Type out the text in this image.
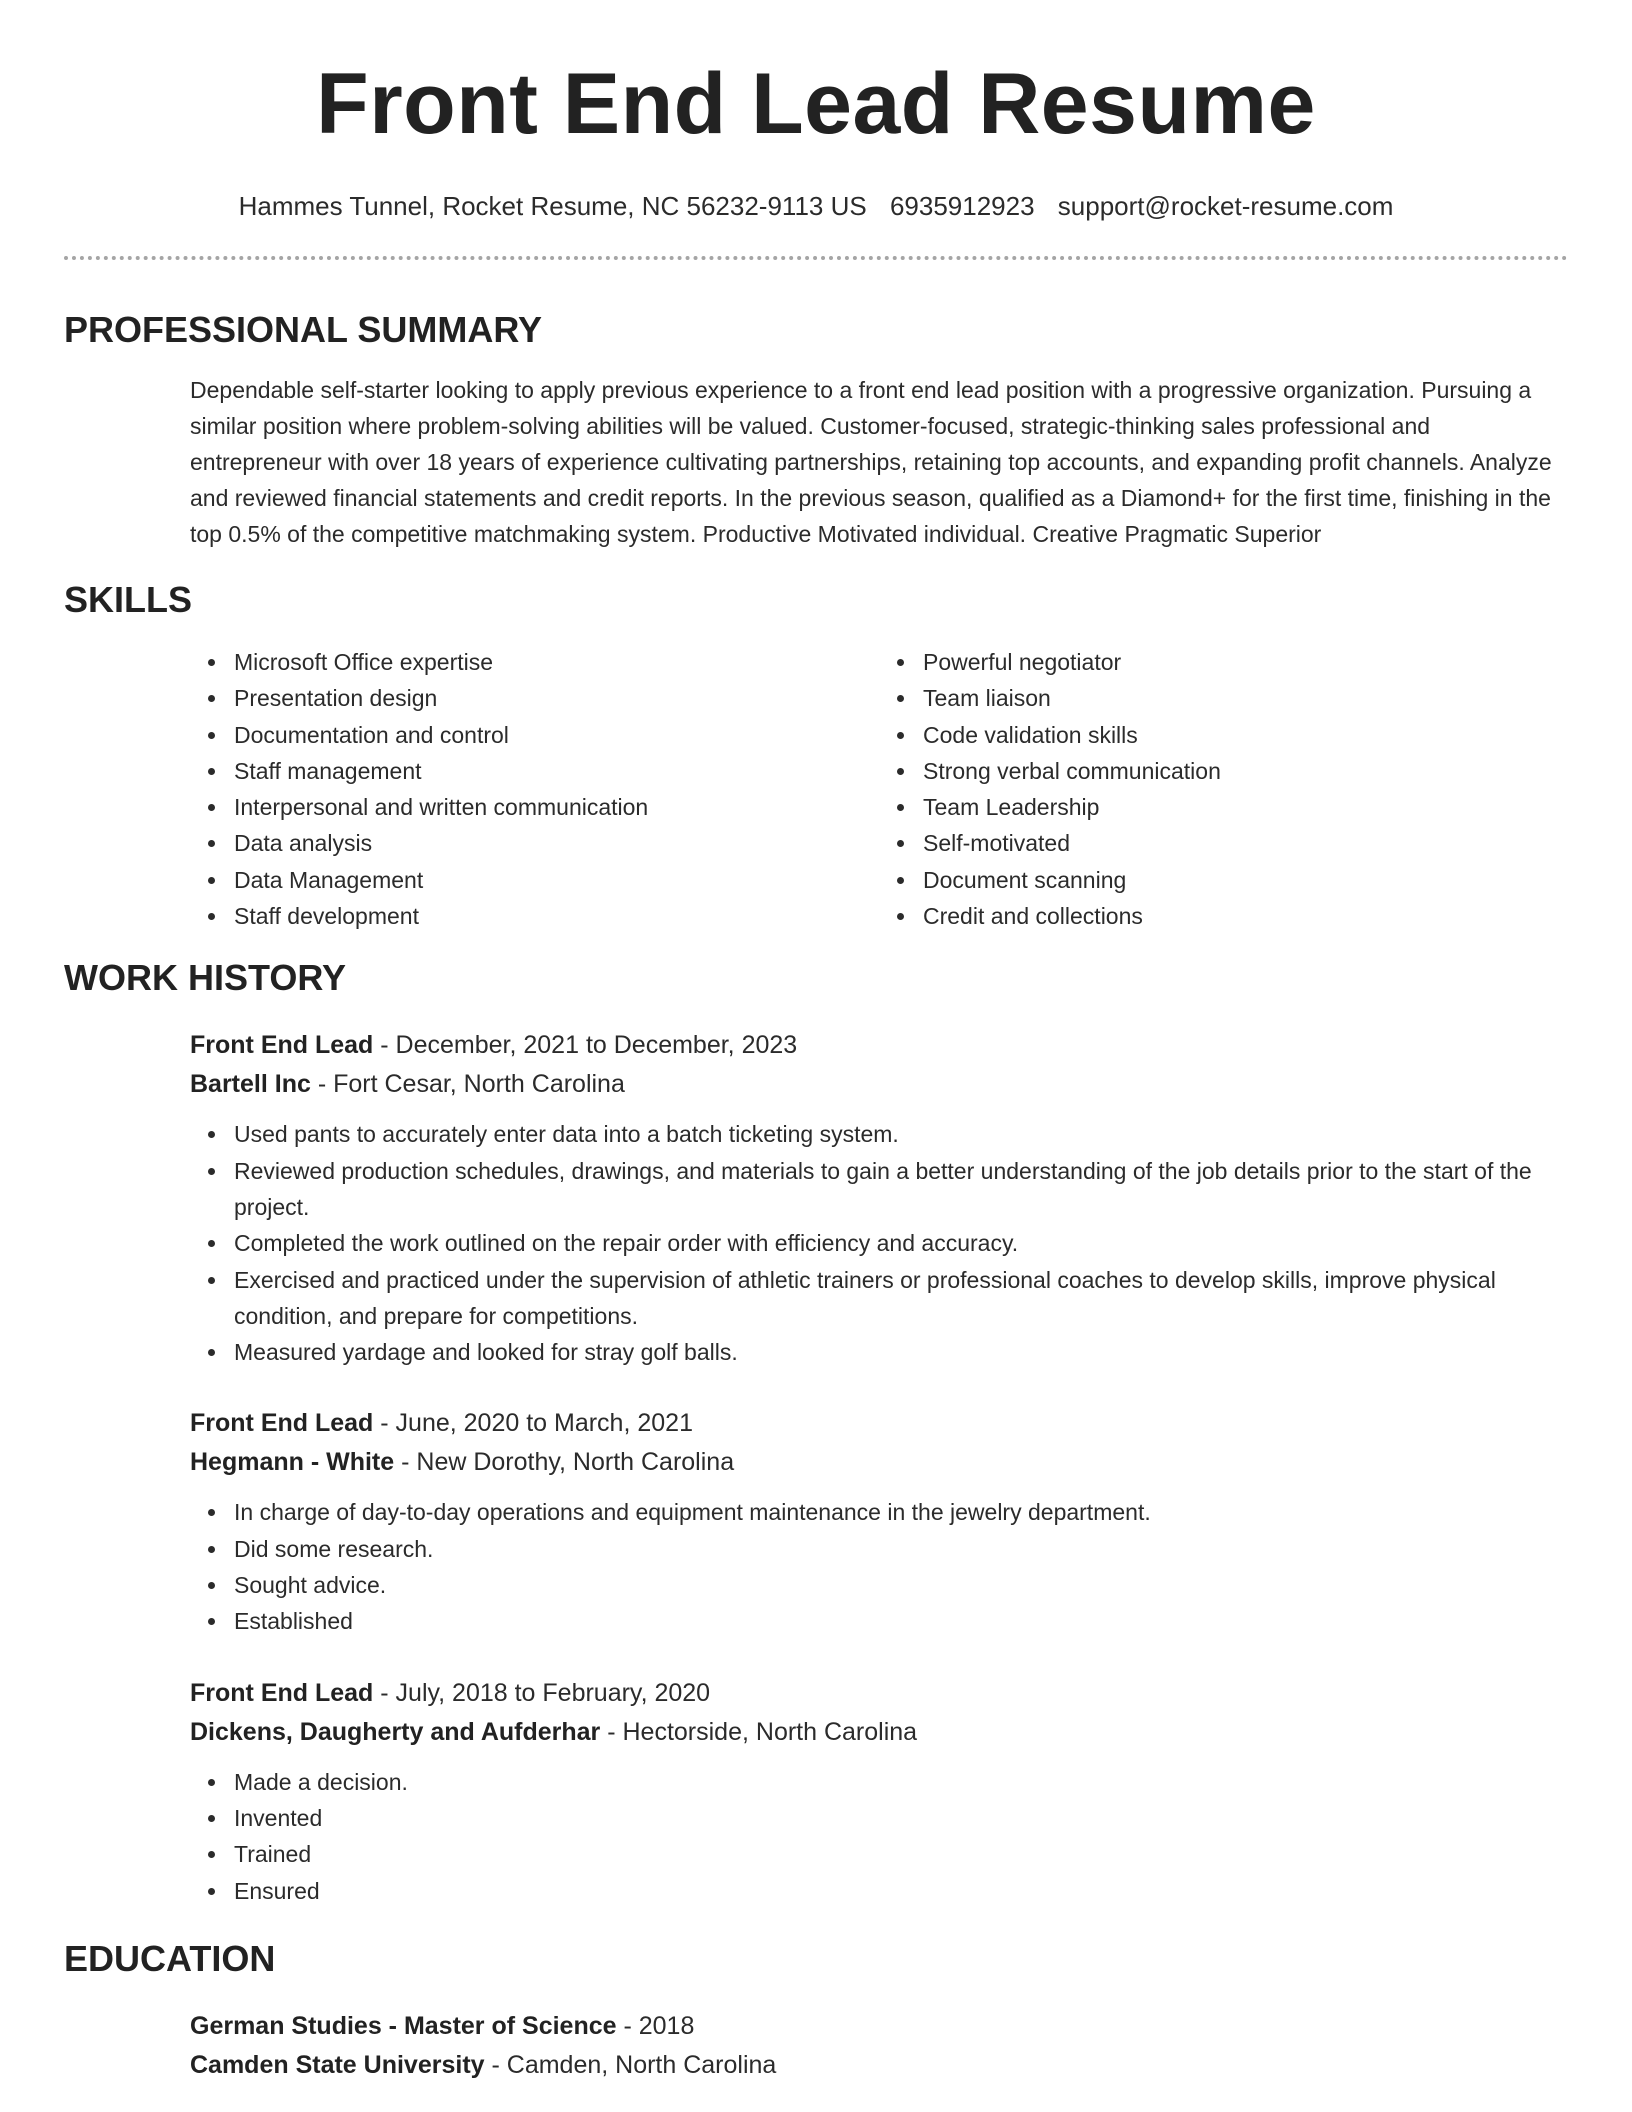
Front End Lead Resume
Hammes Tunnel, Rocket Resume, NC 56232-9113 US 6935912923 support@rocket-resume.com
PROFESSIONAL SUMMARY
Dependable self-starter looking to apply previous experience to a front end lead position with a progressive organization. Pursuing a similar position where problem-solving abilities will be valued. Customer-focused, strategic-thinking sales professional and entrepreneur with over 18 years of experience cultivating partnerships, retaining top accounts, and expanding profit channels. Analyze and reviewed financial statements and credit reports. In the previous season, qualified as a Diamond+ for the first time, finishing in the top 0.5% of the competitive matchmaking system. Productive Motivated individual. Creative Pragmatic Superior
SKILLS
Microsoft Office expertise
Presentation design
Documentation and control
Staff management
Interpersonal and written communication
Data analysis
Data Management
Staff development
Powerful negotiator
Team liaison
Code validation skills
Strong verbal communication
Team Leadership
Self-motivated
Document scanning
Credit and collections
WORK HISTORY
Front End Lead - December, 2021 to December, 2023
Bartell Inc - Fort Cesar, North Carolina
Used pants to accurately enter data into a batch ticketing system.
Reviewed production schedules, drawings, and materials to gain a better understanding of the job details prior to the start of the project.
Completed the work outlined on the repair order with efficiency and accuracy.
Exercised and practiced under the supervision of athletic trainers or professional coaches to develop skills, improve physical condition, and prepare for competitions.
Measured yardage and looked for stray golf balls.
Front End Lead - June, 2020 to March, 2021
Hegmann - White - New Dorothy, North Carolina
In charge of day-to-day operations and equipment maintenance in the jewelry department.
Did some research.
Sought advice.
Established
Front End Lead - July, 2018 to February, 2020
Dickens, Daugherty and Aufderhar - Hectorside, North Carolina
Made a decision.
Invented
Trained
Ensured
EDUCATION
German Studies - Master of Science - 2018
Camden State University - Camden, North Carolina
